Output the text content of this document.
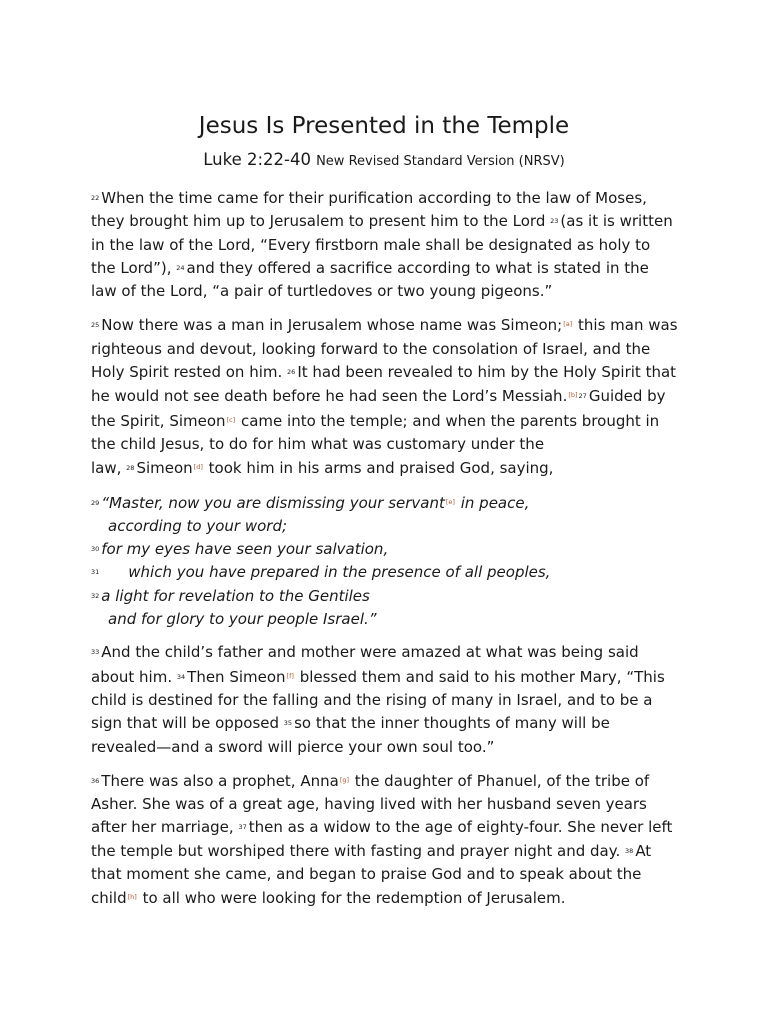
Jesus Is Presented in the Temple
Luke 2:22-40 New Revised Standard Version (NRSV)

$^{22}$ When the time came for their purification according to the law of Moses,
they brought him up to Jerusalem to present him to the Lord $^{23}$ (as it is written
in the law of the Lord, “Every firstborn male shall be designated as holy to
the Lord”), $^{24}$ and they offered a sacrifice according to what is stated in the
law of the Lord, “a pair of turtledoves or two young pigeons.”

$^{25}$ Now there was a man in Jerusalem whose name was Simeon;[a] this man was
righteous and devout, looking forward to the consolation of Israel, and the
Holy Spirit rested on him. $^{26}$ It had been revealed to him by the Holy Spirit that
he would not see death before he had seen the Lord’s Messiah.$^{[b]27}$ Guided by
the Spirit, Simeon[c] came into the temple; and when the parents brought in
the child Jesus, to do for him what was customary under the
law, $^{28}$ Simeon[d] took him in his arms and praised God, saying,

$^{29}$ “Master, now you are dismissing your servant[e] in peace,
according to your word;
$^{30}$ for my eyes have seen your salvation,
$^{31}$ which you have prepared in the presence of all peoples,
$^{32}$ a light for revelation to the Gentiles
and for glory to your people Israel.”

$^{33}$ And the child’s father and mother were amazed at what was being said
about him. $^{34}$ Then Simeon[f] blessed them and said to his mother Mary, “This
child is destined for the falling and the rising of many in Israel, and to be a
sign that will be opposed $^{35}$ so that the inner thoughts of many will be
revealed—and a sword will pierce your own soul too.”

$^{36}$ There was also a prophet, Anna[g] the daughter of Phanuel, of the tribe of
Asher. She was of a great age, having lived with her husband seven years
after her marriage, $^{37}$ then as a widow to the age of eighty-four. She never left
the temple but worshiped there with fasting and prayer night and day. $^{38}$ At
that moment she came, and began to praise God and to speak about the
child[h] to all who were looking for the redemption of Jerusalem.
